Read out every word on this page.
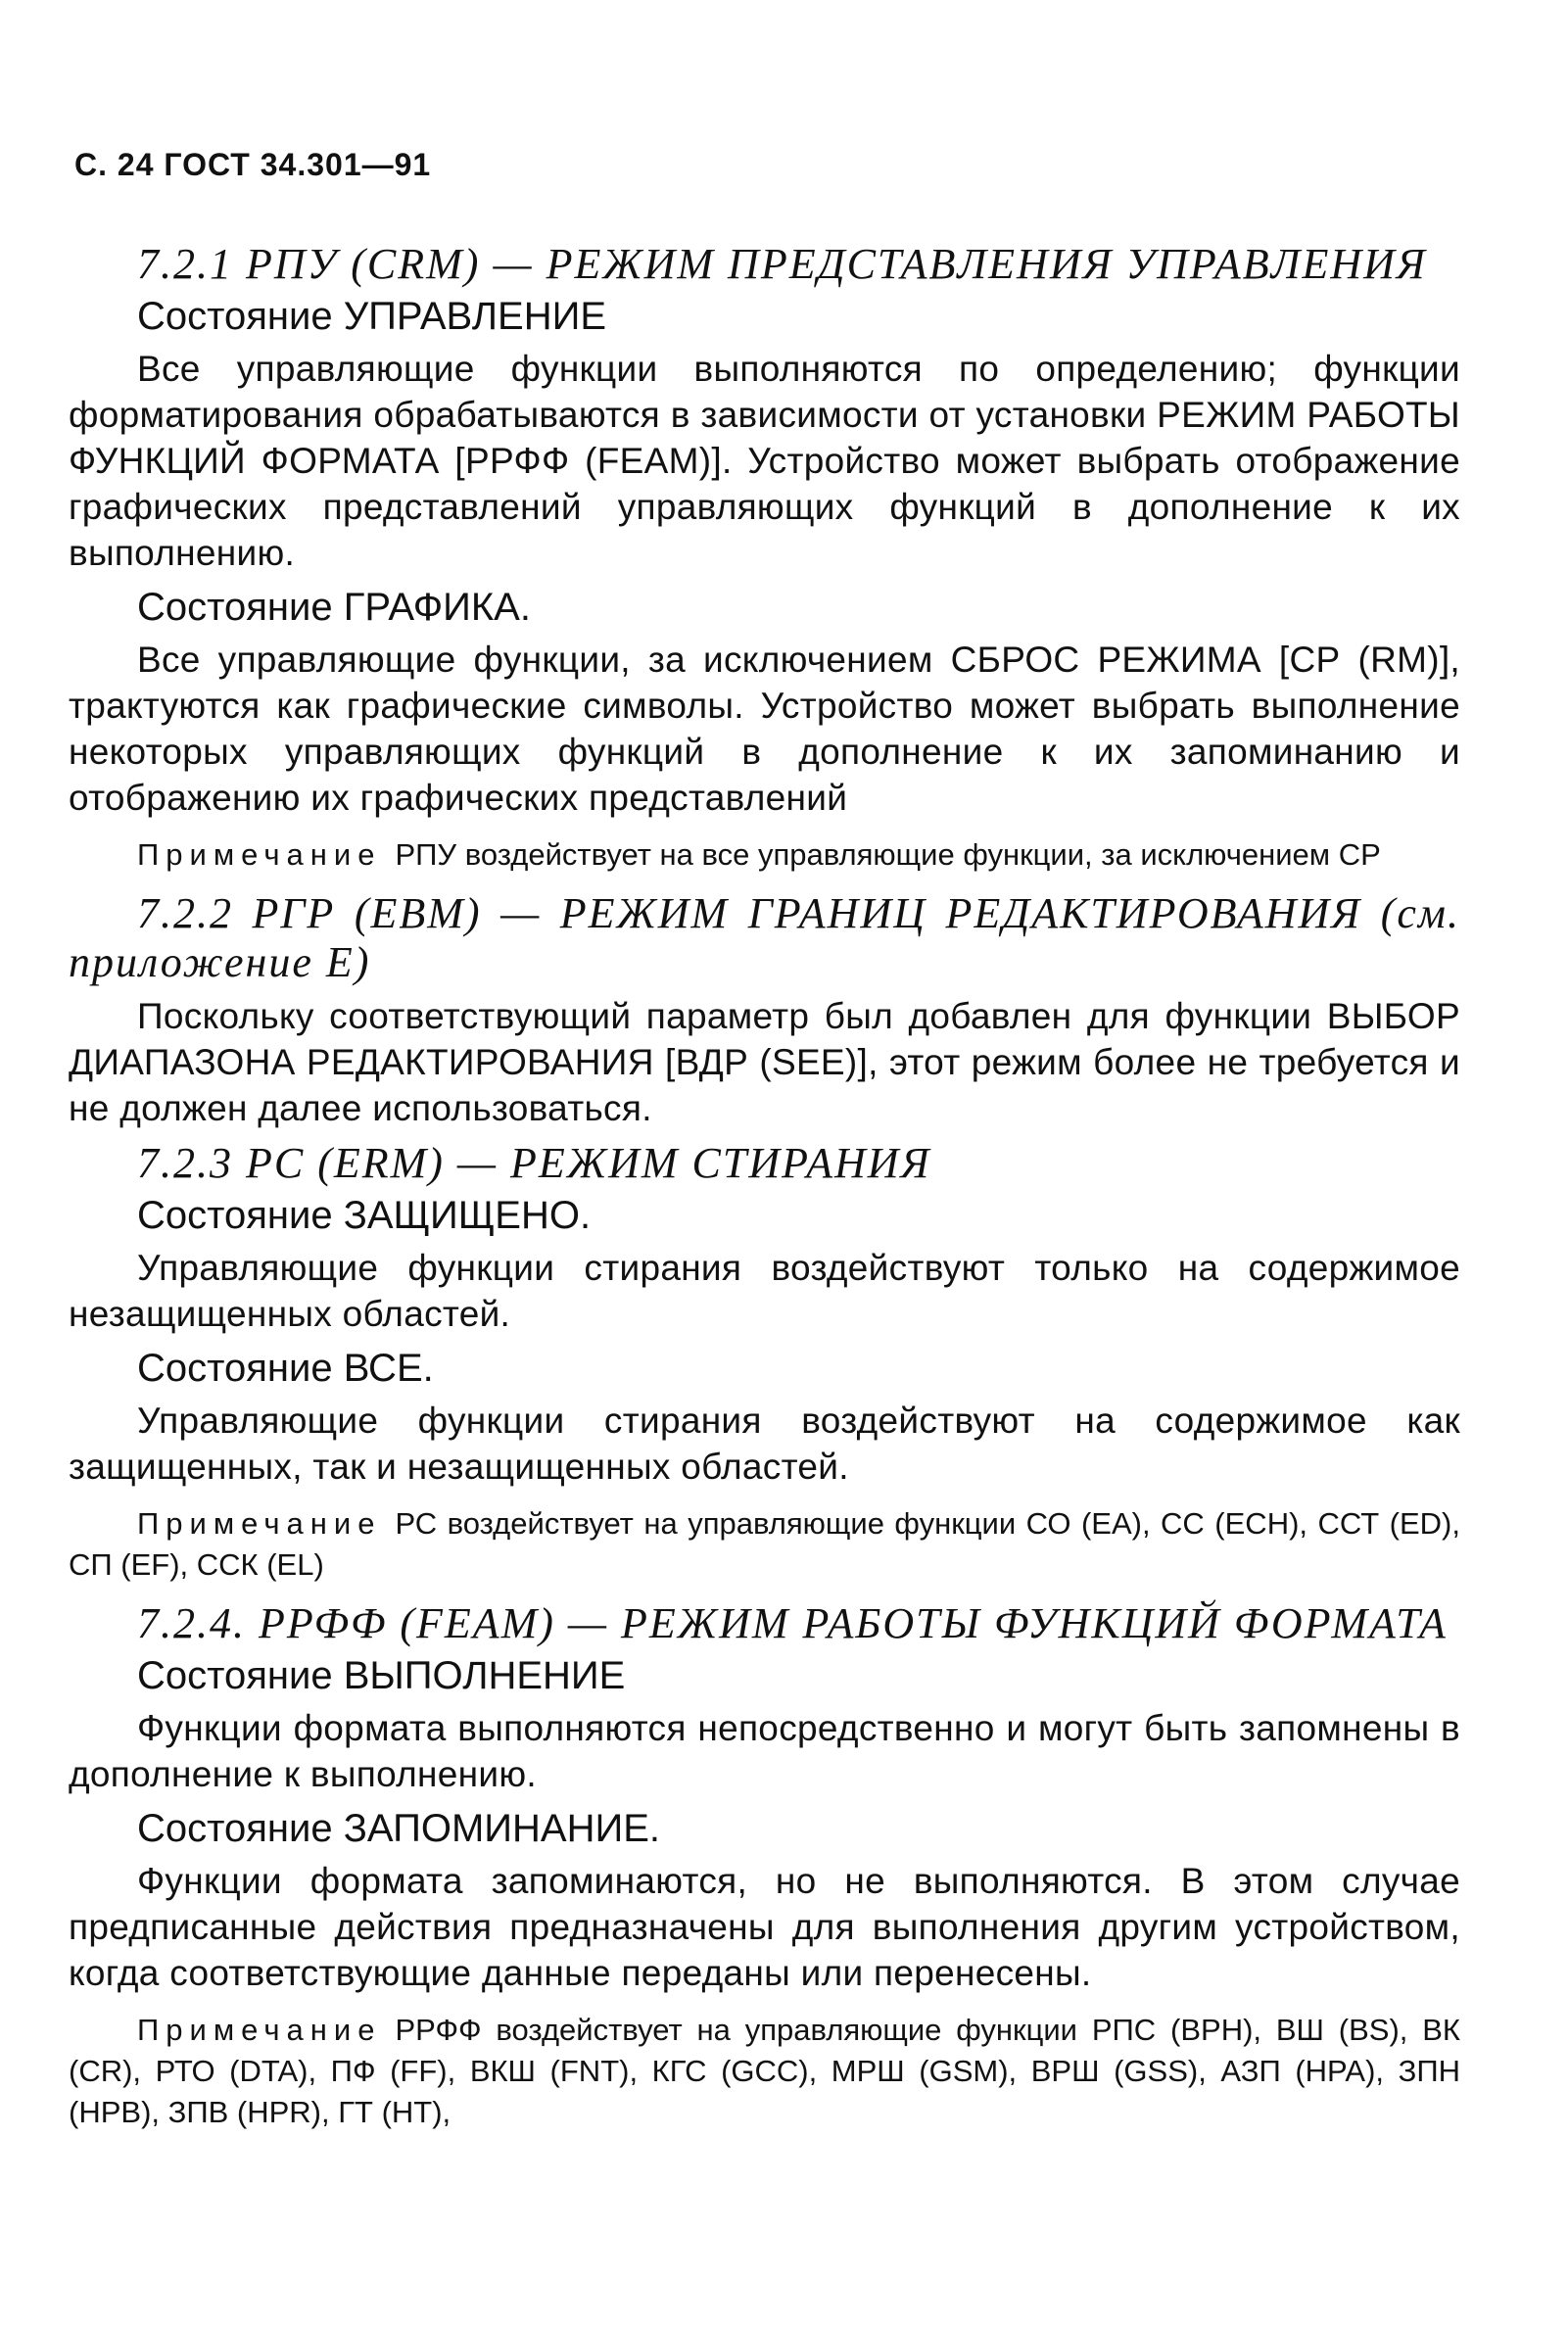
С. 24 ГОСТ 34.301—91

7.2.1 РПУ (CRM) — РЕЖИМ ПРЕДСТАВЛЕНИЯ УПРАВЛЕНИЯ

Состояние УПРАВЛЕНИЕ

Все управляющие функции выполняются по определению; функции форматирования обрабатываются в зависимости от установки РЕЖИМ РАБОТЫ ФУНКЦИЙ ФОРМАТА [РРФФ (FEAM)]. Устройство может выбрать отображение графических представлений управляющих функций в дополнение к их выполнению.

Состояние ГРАФИКА.

Все управляющие функции, за исключением СБРОС РЕЖИМА [СР (RM)], трактуются как графические символы. Устройство может выбрать выполнение некоторых управляющих функций в дополнение к их запоминанию и отображению их графических представлений

Примечание РПУ воздействует на все управляющие функции, за исключением СР

7.2.2 РГР (EBM) — РЕЖИМ ГРАНИЦ РЕДАКТИРОВАНИЯ (см. приложение Е)

Поскольку соответствующий параметр был добавлен для функции ВЫБОР ДИАПАЗОНА РЕДАКТИРОВАНИЯ [ВДР (SEE)], этот режим более не требуется и не должен далее использоваться.

7.2.3 РС (ERM) — РЕЖИМ СТИРАНИЯ

Состояние ЗАЩИЩЕНО.

Управляющие функции стирания воздействуют только на содержимое незащищенных областей.

Состояние ВСЕ.

Управляющие функции стирания воздействуют на содержимое как защищенных, так и незащищенных областей.

Примечание РС воздействует на управляющие функции СО (ЕА), СС (ECH), ССТ (ED), СП (EF), ССК (EL)

7.2.4. РРФФ (FEAM) — РЕЖИМ РАБОТЫ ФУНКЦИЙ ФОРМАТА

Состояние ВЫПОЛНЕНИЕ

Функции формата выполняются непосредственно и могут быть запомнены в дополнение к выполнению.

Состояние ЗАПОМИНАНИЕ.

Функции формата запоминаются, но не выполняются. В этом случае предписанные действия предназначены для выполнения другим устройством, когда соответствующие данные переданы или перенесены.

Примечание РРФФ воздействует на управляющие функции РПС (BPH), ВШ (BS), ВК (CR), РТО (DTA), ПФ (FF), ВКШ (FNT), КГС (GCC), МРШ (GSM), ВРШ (GSS), АЗП (HPA), ЗПН (HPB), ЗПВ (HPR), ГТ (HT),
